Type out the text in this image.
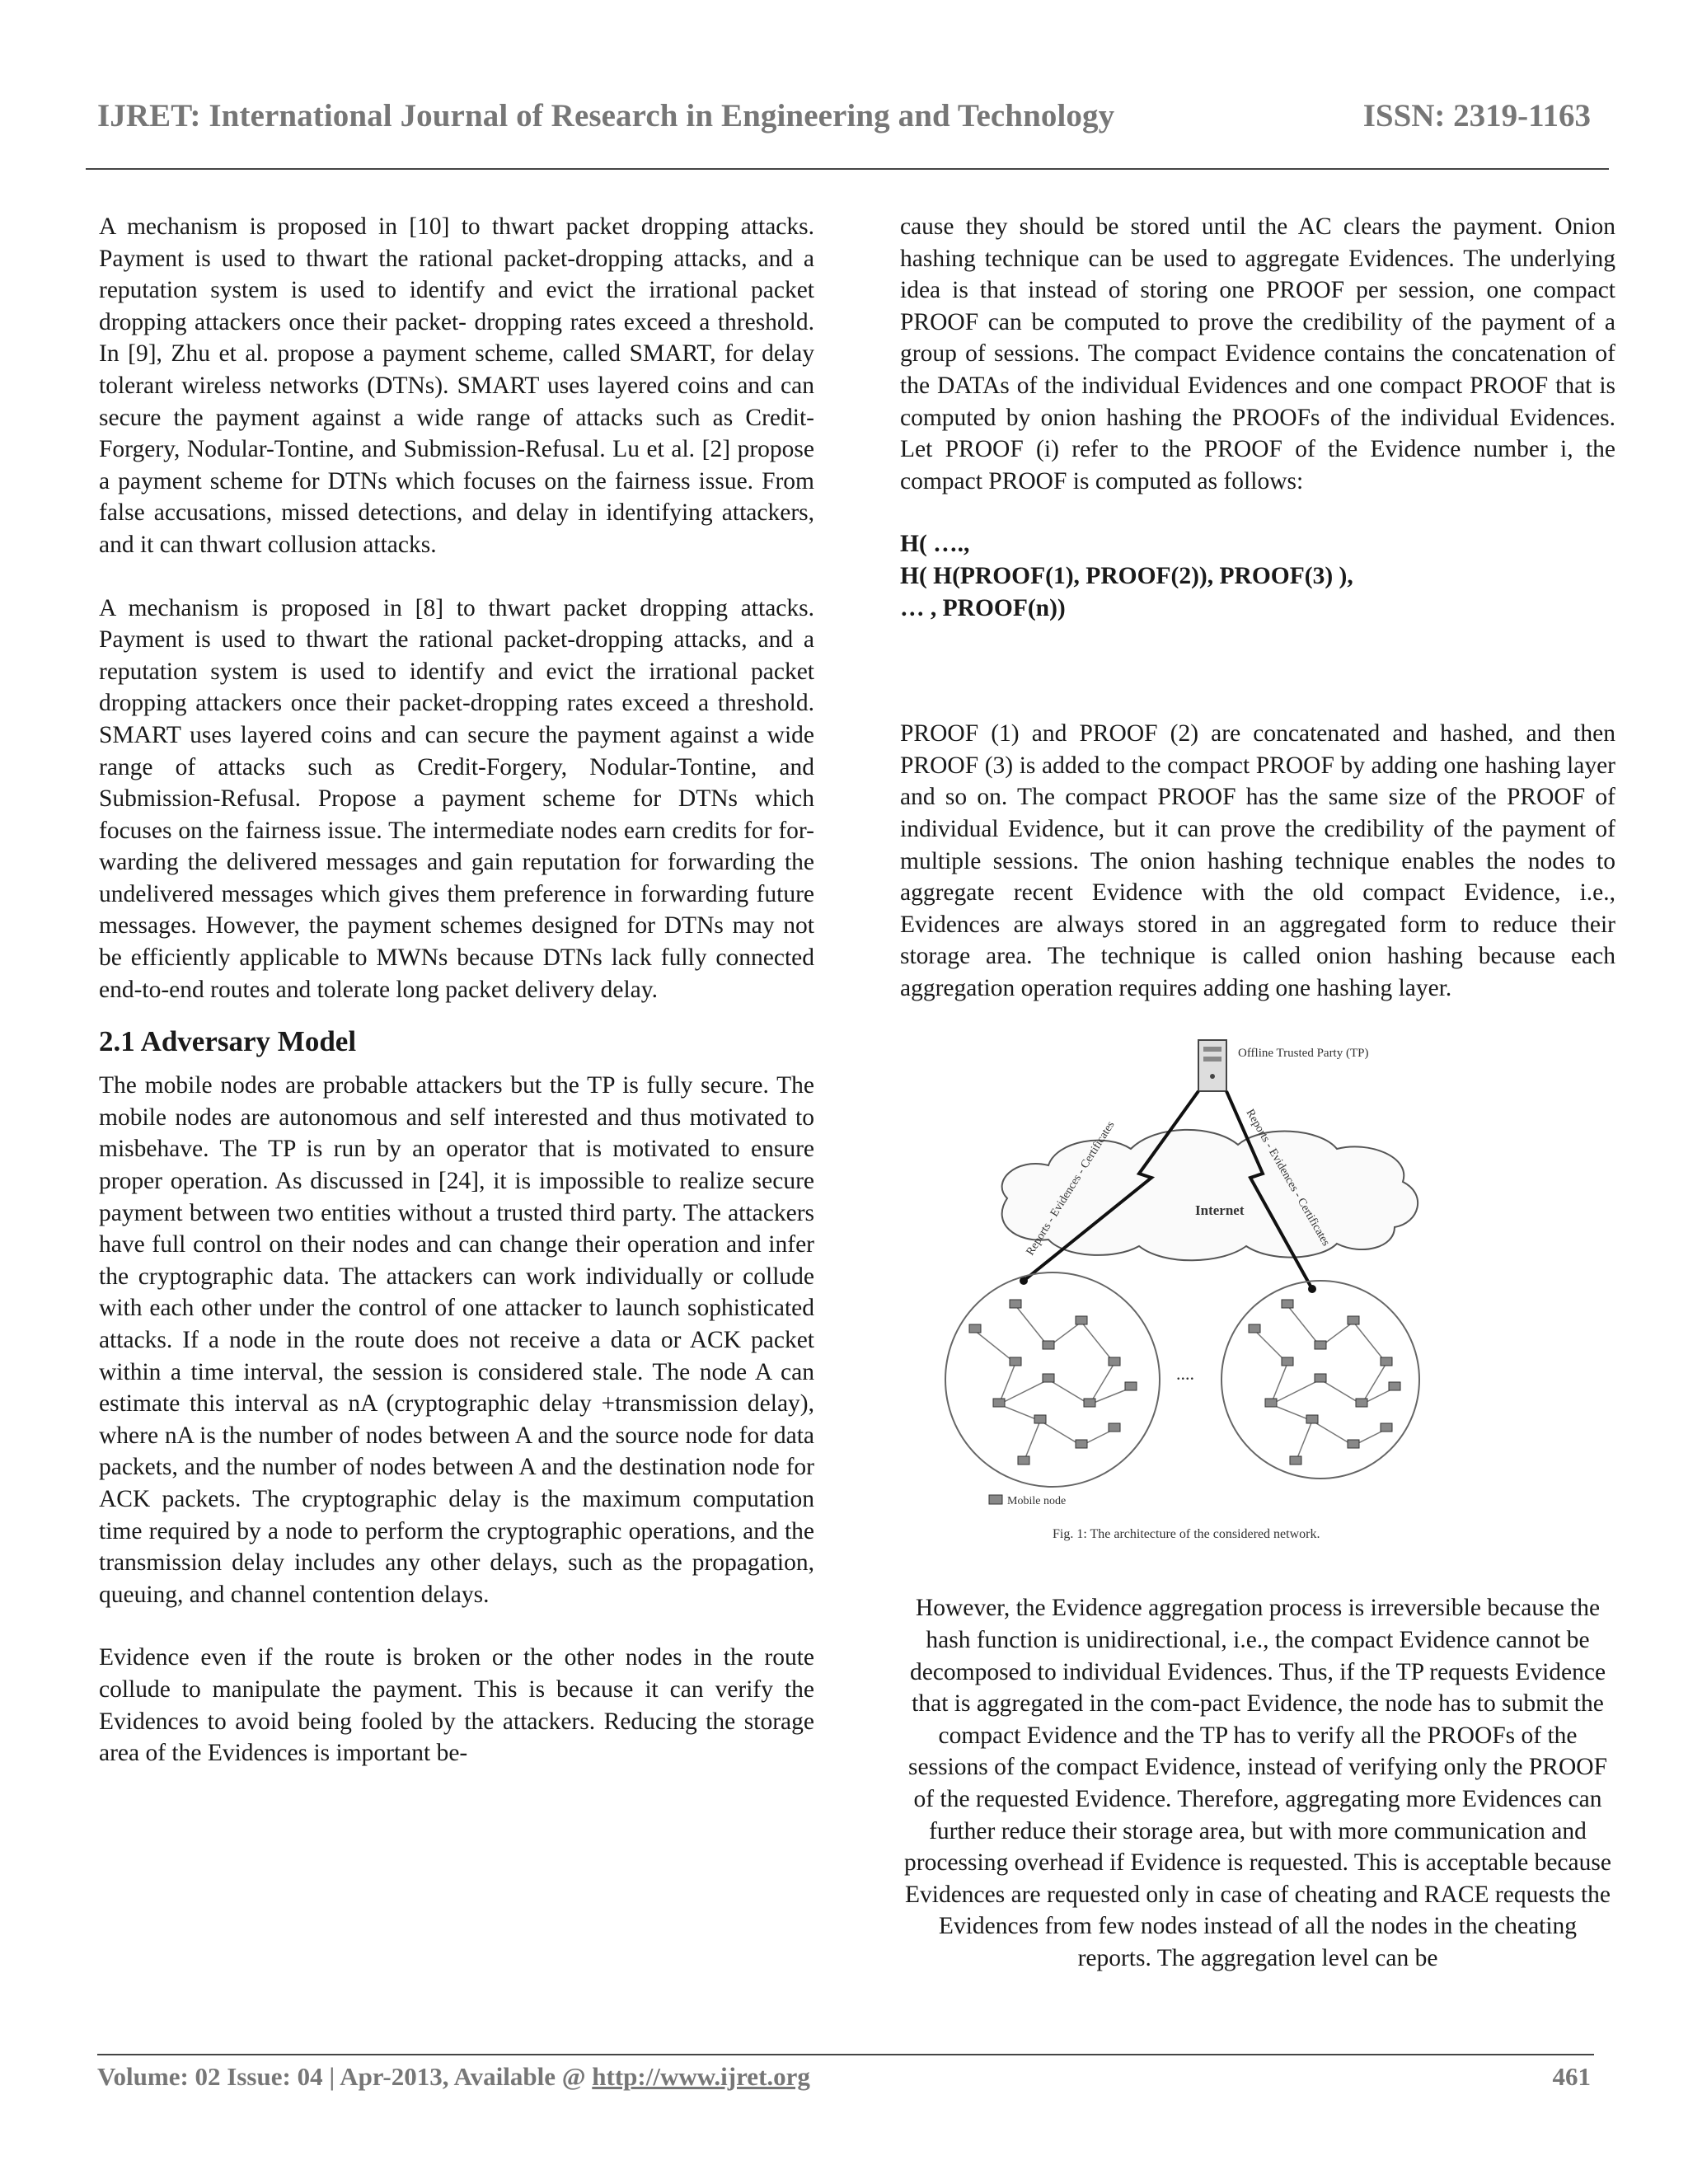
IJRET: International Journal of Research in Engineering and Technology	ISSN: 2319-1163

A mechanism is proposed in [10] to thwart packet dropping attacks. Payment is used to thwart the rational packet-dropping attacks, and a reputation system is used to identify and evict the irrational packet dropping attackers once their packet- dropping rates exceed a threshold. In [9], Zhu et al. propose a payment scheme, called SMART, for delay tolerant wireless networks (DTNs). SMART uses layered coins and can secure the payment against a wide range of attacks such as Credit-Forgery, Nodular-Tontine, and Submission-Refusal. Lu et al. [2] propose a payment scheme for DTNs which focuses on the fairness issue. From false accusations, missed detections, and delay in identifying attackers, and it can thwart collusion attacks.

A mechanism is proposed in [8] to thwart packet dropping attacks. Payment is used to thwart the rational packet-dropping attacks, and a reputation system is used to identify and evict the irrational packet dropping attackers once their packet-dropping rates exceed a threshold. SMART uses layered coins and can secure the payment against a wide range of attacks such as Credit-Forgery, Nodular-Tontine, and Submission-Refusal. Propose a payment scheme for DTNs which focuses on the fairness issue. The intermediate nodes earn credits for for-warding the delivered messages and gain reputation for forwarding the undelivered messages which gives them preference in forwarding future messages. However, the payment schemes designed for DTNs may not be efficiently applicable to MWNs because DTNs lack fully connected end-to-end routes and tolerate long packet delivery delay.

2.1 Adversary Model

The mobile nodes are probable attackers but the TP is fully secure. The mobile nodes are autonomous and self interested and thus motivated to misbehave. The TP is run by an operator that is motivated to ensure proper operation. As discussed in [24], it is impossible to realize secure payment between two entities without a trusted third party. The attackers have full control on their nodes and can change their operation and infer the cryptographic data. The attackers can work individually or collude with each other under the control of one attacker to launch sophisticated attacks. If a node in the route does not receive a data or ACK packet within a time interval, the session is considered stale. The node A can estimate this interval as nA (cryptographic delay +transmission delay), where nA is the number of nodes between A and the source node for data packets, and the number of nodes between A and the destination node for ACK packets. The cryptographic delay is the maximum computation time required by a node to perform the cryptographic operations, and the transmission delay includes any other delays, such as the propagation, queuing, and channel contention delays.

Evidence even if the route is broken or the other nodes in the route collude to manipulate the payment. This is because it can verify the Evidences to avoid being fooled by the attackers. Reducing the storage area of the Evidences is important be-

cause they should be stored until the AC clears the payment. Onion hashing technique can be used to aggregate Evidences. The underlying idea is that instead of storing one PROOF per session, one compact PROOF can be computed to prove the credibility of the payment of a group of sessions. The compact Evidence contains the concatenation of the DATAs of the individual Evidences and one compact PROOF that is computed by onion hashing the PROOFs of the individual Evidences. Let PROOF (i) refer to the PROOF of the Evidence number i, the compact PROOF is computed as follows:

H( ….,

H( H(PROOF(1), PROOF(2)), PROOF(3) ),

… , PROOF(n))

PROOF (1) and PROOF (2) are concatenated and hashed, and then PROOF (3) is added to the compact PROOF by adding one hashing layer and so on. The compact PROOF has the same size of the PROOF of individual Evidence, but it can prove the credibility of the payment of multiple sessions. The onion hashing technique enables the nodes to aggregate recent Evidence with the old compact Evidence, i.e., Evidences are always stored in an aggregated form to reduce their storage area. The technique is called onion hashing because each aggregation operation requires adding one hashing layer.

Offline Trusted Party (TP)
Internet
Reports - Evidences - Certificates	Reports - Evidences - Certificates
....
Mobile node
Fig. 1: The architecture of the considered network.

However, the Evidence aggregation process is irreversible because the hash function is unidirectional, i.e., the compact Evidence cannot be decomposed to individual Evidences. Thus, if the TP requests Evidence that is aggregated in the com-pact Evidence, the node has to submit the compact Evidence and the TP has to verify all the PROOFs of the sessions of the compact Evidence, instead of verifying only the PROOF of the requested Evidence. Therefore, aggregating more Evidences can further reduce their storage area, but with more communication and processing overhead if Evidence is requested. This is acceptable because Evidences are requested only in case of cheating and RACE requests the Evidences from few nodes instead of all the nodes in the cheating reports. The aggregation level can be

Volume: 02 Issue: 04 | Apr-2013, Available @ http://www.ijret.org	461
